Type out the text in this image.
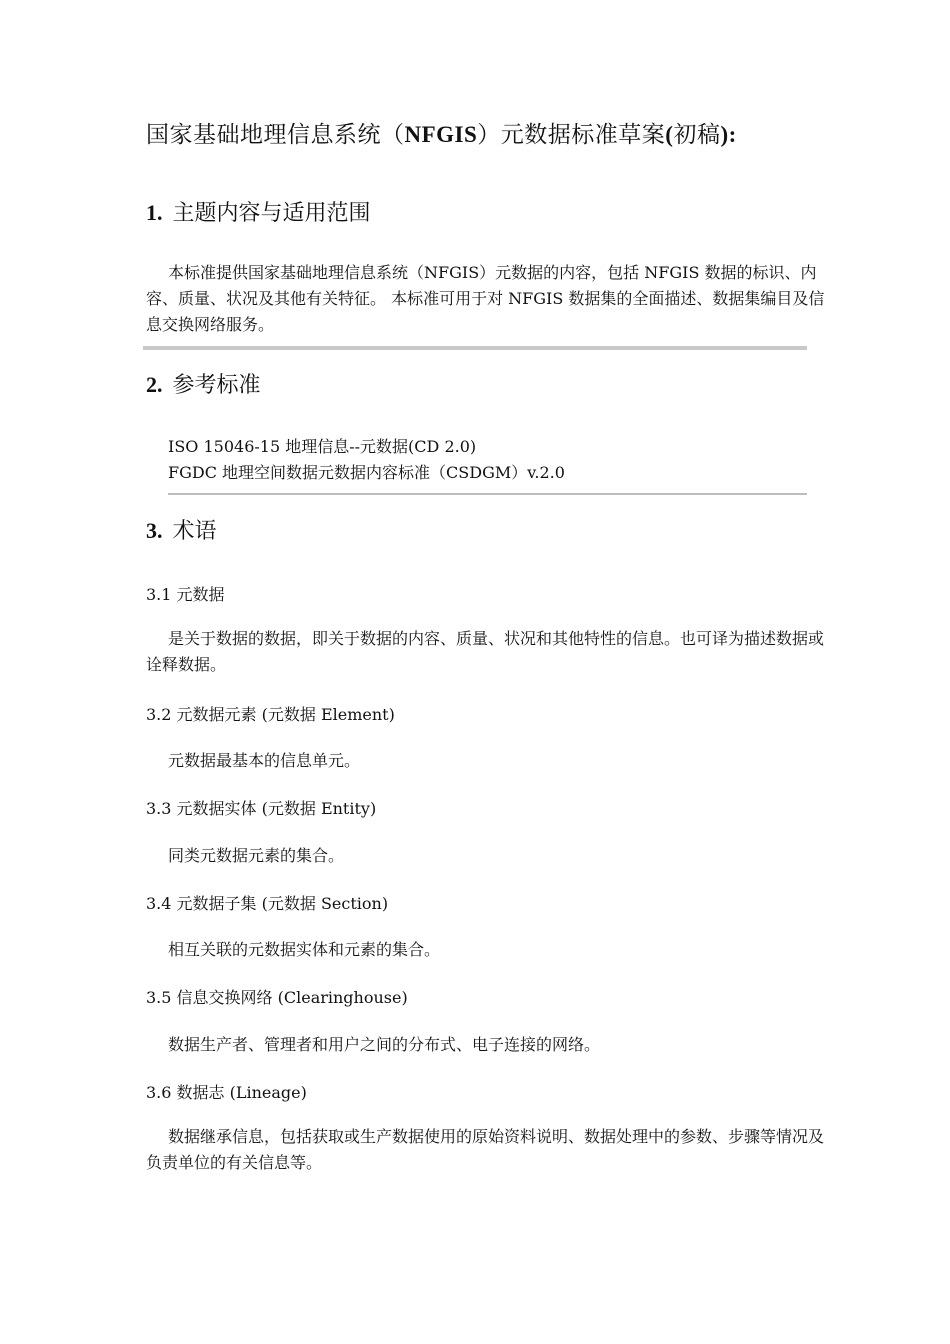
国家基础地理信息系统（NFGIS）元数据标准草案(初稿):
1. 主题内容与适用范围
本标准提供国家基础地理信息系统（NFGIS）元数据的内容，包括 NFGIS 数据的标识、内容、质量、状况及其他有关特征。 本标准可用于对 NFGIS 数据集的全面描述、数据集编目及信息交换网络服务。
2. 参考标准
ISO 15046-15 地理信息--元数据(CD 2.0)
FGDC 地理空间数据元数据内容标准（CSDGM）v.2.0
3. 术语
3.1 元数据
是关于数据的数据，即关于数据的内容、质量、状况和其他特性的信息。也可译为描述数据或诠释数据。
3.2 元数据元素 (元数据 Element)
元数据最基本的信息单元。
3.3 元数据实体 (元数据 Entity)
同类元数据元素的集合。
3.4 元数据子集 (元数据 Section)
相互关联的元数据实体和元素的集合。
3.5 信息交换网络 (Clearinghouse)
数据生产者、管理者和用户之间的分布式、电子连接的网络。
3.6 数据志 (Lineage)
数据继承信息，包括获取或生产数据使用的原始资料说明、数据处理中的参数、步骤等情况及负责单位的有关信息等。
